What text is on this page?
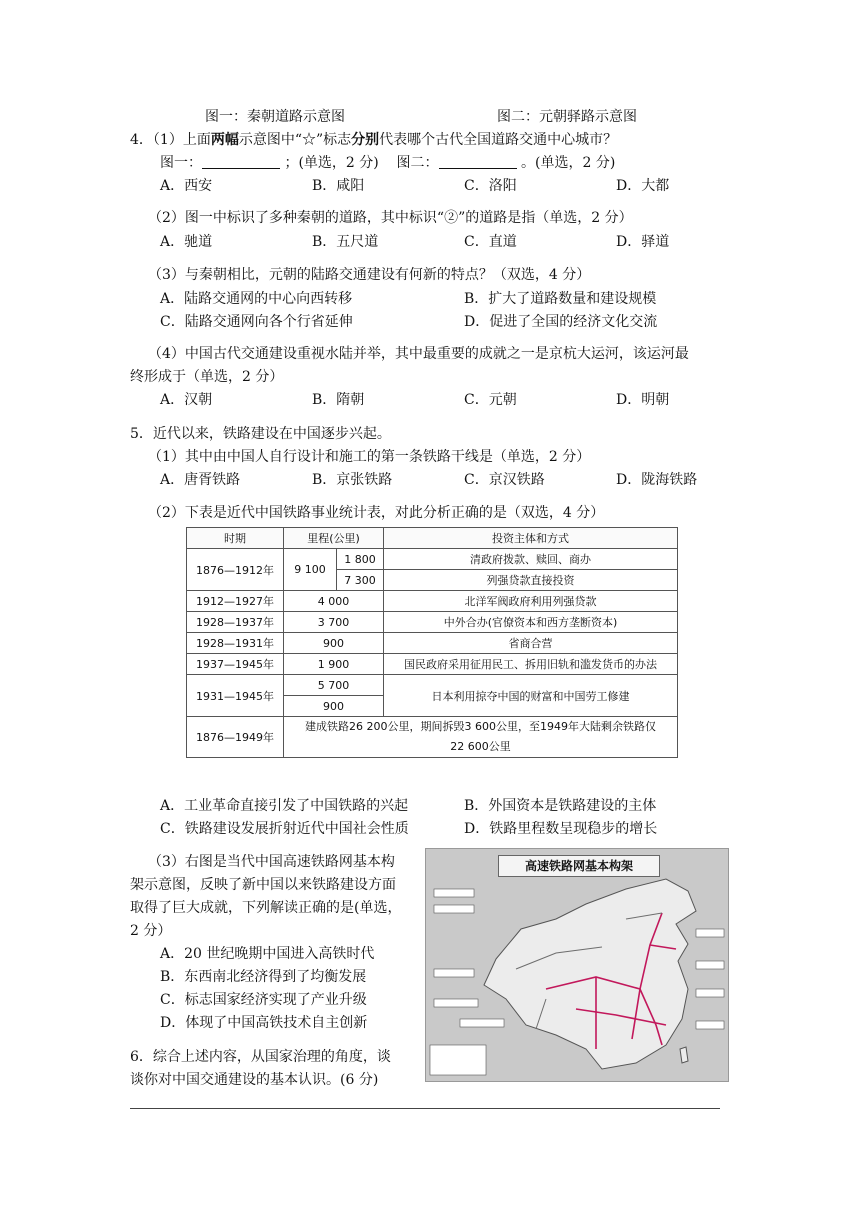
图一：秦朝道路示意图	图二：元朝驿路示意图
4．（1）上面两幅示意图中“☆”标志分别代表哪个古代全国道路交通中心城市？
图一：	；(单选，2 分) 图二：	。(单选，2 分)
A．西安	B．咸阳	C．洛阳	D．大都
（2）图一中标识了多种秦朝的道路，其中标识“②”的道路是指（单选，2 分）
A．驰道	B．五尺道	C．直道	D．驿道
（3）与秦朝相比，元朝的陆路交通建设有何新的特点？（双选，4 分）
A．陆路交通网的中心向西转移	B．扩大了道路数量和建设规模
C．陆路交通网向各个行省延伸	D．促进了全国的经济文化交流
（4）中国古代交通建设重视水陆并举，其中最重要的成就之一是京杭大运河，该运河最
终形成于（单选，2 分）
A．汉朝	B．隋朝	C．元朝	D．明朝
5．近代以来，铁路建设在中国逐步兴起。
（1）其中由中国人自行设计和施工的第一条铁路干线是（单选，2 分）
A．唐胥铁路	B．京张铁路	C．京汉铁路	D．陇海铁路
（2）下表是近代中国铁路事业统计表，对此分析正确的是（双选，4 分）
时期	里程(公里)		投资主体和方式
1876—1912年	9 100	1 800	清政府拨款、赎回、商办
		7 300	列强贷款直接投资
1912—1927年	4 000		北洋军阀政府利用列强贷款
1928—1937年	3 700		中外合办(官僚资本和西方垄断资本)
1928—1931年	900		省商合营
1937—1945年	1 900		国民政府采用征用民工、拆用旧轨和滥发货币的办法
1931—1945年	5 700		日本利用掠夺中国的财富和中国劳工修建
	900		
1876—1949年	建成铁路26 200公里，期间拆毁3 600公里，至1949年大陆剩余铁路仅
22 600公里		
A．工业革命直接引发了中国铁路的兴起	B．外国资本是铁路建设的主体
C．铁路建设发展折射近代中国社会性质	D．铁路里程数呈现稳步的增长
（3）右图是当代中国高速铁路网基本构
架示意图，反映了新中国以来铁路建设方面
取得了巨大成就，下列解读正确的是(单选，
2 分）
A．20 世纪晚期中国进入高铁时代
B．东西南北经济得到了均衡发展
C．标志国家经济实现了产业升级
D．体现了中国高铁技术自主创新
高速铁路网基本构架
6．综合上述内容，从国家治理的角度，谈
谈你对中国交通建设的基本认识。(6 分)
